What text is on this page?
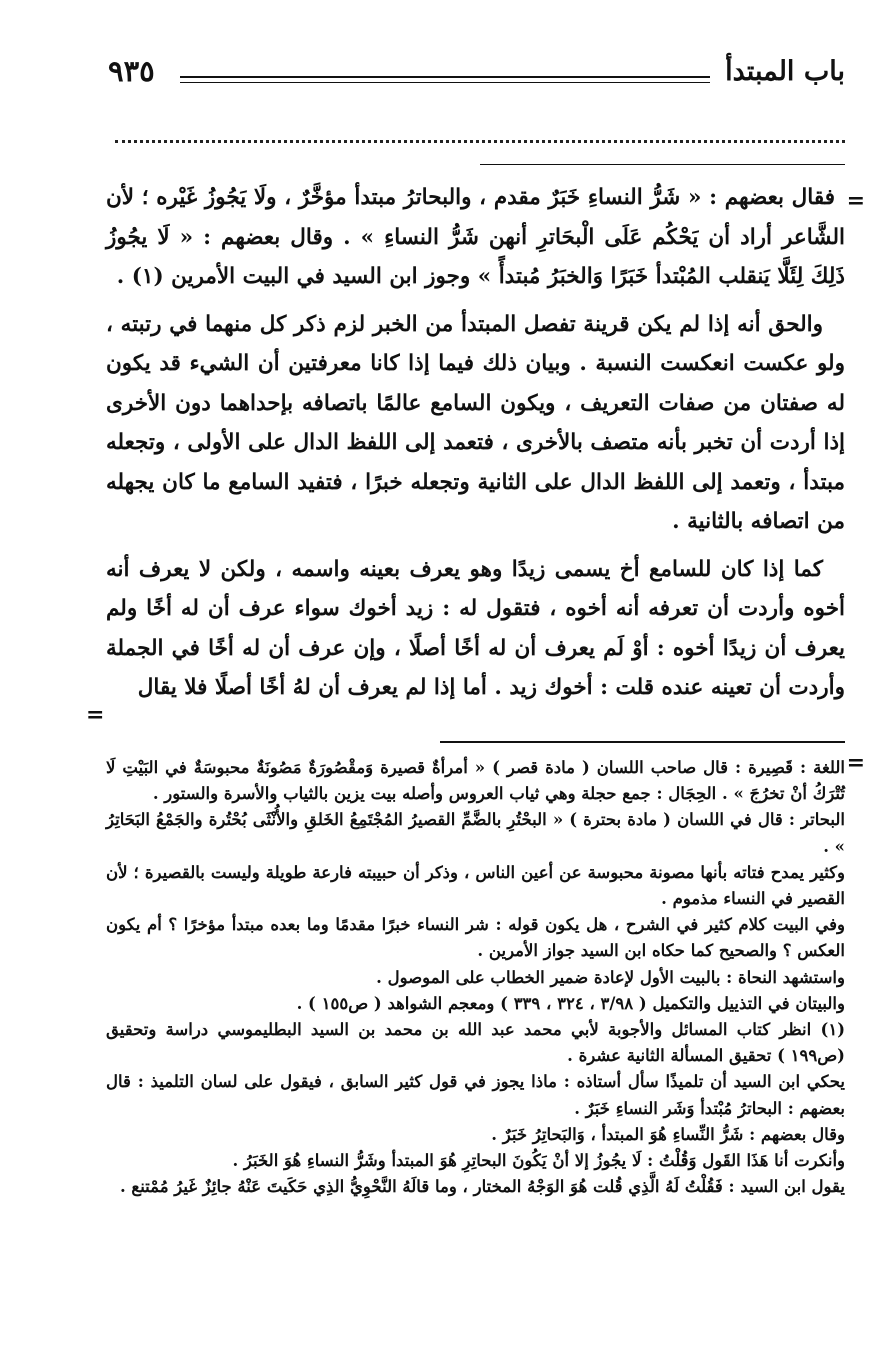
باب المبتدأ
٩٣٥
=

فقال بعضهم : « شَرُّ النساءِ خَبَرٌ مقدم ، والبحاترُ مبتدأ مؤخَّرٌ ، ولَا يَجُوزُ غَيْره ؛ لأن الشَّاعر أراد أن يَحْكُم عَلَى الْبحَاترِ أنهن شَرُّ النساءِ » . وقال بعضهم : « لَا يجُوزُ ذَلِكَ لِئَلَّا يَنقلب المُبْتدأ خَبَرًا وَالخبَرُ مُبتدأً » وجوز ابن السيد في البيت الأمرين (١) .

والحق أنه إذا لم يكن قرينة تفصل المبتدأ من الخبر لزم ذكر كل منهما في رتبته ، ولو عكست انعكست النسبة . وبيان ذلك فيما إذا كانا معرفتين أن الشيء قد يكون له صفتان من صفات التعريف ، ويكون السامع عالمًا باتصافه بإحداهما دون الأخرى إذا أردت أن تخبر بأنه متصف بالأخرى ، فتعمد إلى اللفظ الدال على الأولى ، وتجعله مبتدأ ، وتعمد إلى اللفظ الدال على الثانية وتجعله خبرًا ، فتفيد السامع ما كان يجهله من اتصافه بالثانية .

كما إذا كان للسامع أخ يسمى زيدًا وهو يعرف بعينه واسمه ، ولكن لا يعرف أنه أخوه وأردت أن تعرفه أنه أخوه ، فتقول له : زيد أخوك سواء عرف أن له أخًا ولم يعرف أن زيدًا أخوه : أوْ لَم يعرف أن له أخًا أصلًا ، وإن عرف أن له أخًا في الجملة وأردت أن تعينه عنده قلت : أخوك زيد . أما إذا لم يعرف أن لهُ أخًا أصلًا فلا يقال

=
=

اللغة : قَصِيرة : قال صاحب اللسان ( مادة قصر ) « أمرأةٌ قصيرة وَمقْصُورَةٌ مَصُونَةٌ محبوسَةٌ في البَيْتِ لَا تُتْرَكُ أنْ تخرُجَ » . الحِجَال : جمع حجلة وهي ثياب العروس وأصله بيت يزين بالثياب والأسرة والستور .

البحاتر : قال في اللسان ( مادة بحترة ) « البحْتُرِ بالضَّمِّ القصيرُ المُجْتَمِعُ الخَلقِ والأُنْثَى بُحْتُرة والجَمْعُ البَحَاتِرُ » .

وكثير يمدح فتاته بأنها مصونة محبوسة عن أعين الناس ، وذكر أن حبيبته فارعة طويلة وليست بالقصيرة ؛ لأن القصير في النساء مذموم .

وفي البيت كلام كثير في الشرح ، هل يكون قوله : شر النساء خبرًا مقدمًا وما بعده مبتدأ مؤخرًا ؟ أم يكون العكس ؟ والصحيح كما حكاه ابن السيد جواز الأمرين .

واستشهد النحاة : بالبيت الأول لإعادة ضمير الخطاب على الموصول .

والبيتان في التذييل والتكميل ( ٣/٩٨ ، ٣٢٤ ، ٣٣٩ ) ومعجم الشواهد ( ص١٥٥ ) .

(١) انظر كتاب المسائل والأجوبة لأبي محمد عبد الله بن محمد بن السيد البطليموسي دراسة وتحقيق (ص١٩٩ ) تحقيق المسألة الثانية عشرة .

يحكي ابن السيد أن تلميذًا سأل أستاذه : ماذا يجوز في قول كثير السابق ، فيقول على لسان التلميذ : قال بعضهم : البحاترُ مُبْتدأ وَشَر النساءِ خَبَرٌ .

وقال بعضهم : شَرُّ النِّساءِ هُوَ المبتدأ ، وَالبَحاتِرُ خَبَرٌ .

وأنكرت أنا هَذَا القَول وَقُلْتُ : لَا يجُوزُ إلا أنْ يَكُونَ البحاتِرِ هُوَ المبتدأ وشَرُّ النساءِ هُوَ الخَبَرُ .

يقول ابن السيد : فَقُلْتُ لَهُ الَّذِي قُلت هُوَ الوَجْهُ المختار ، وما قالَهُ النَّحْوِيُّ الذِي حَكَيتَ عَنْهُ جائِزٌ غَيرُ مُمْتنع .
